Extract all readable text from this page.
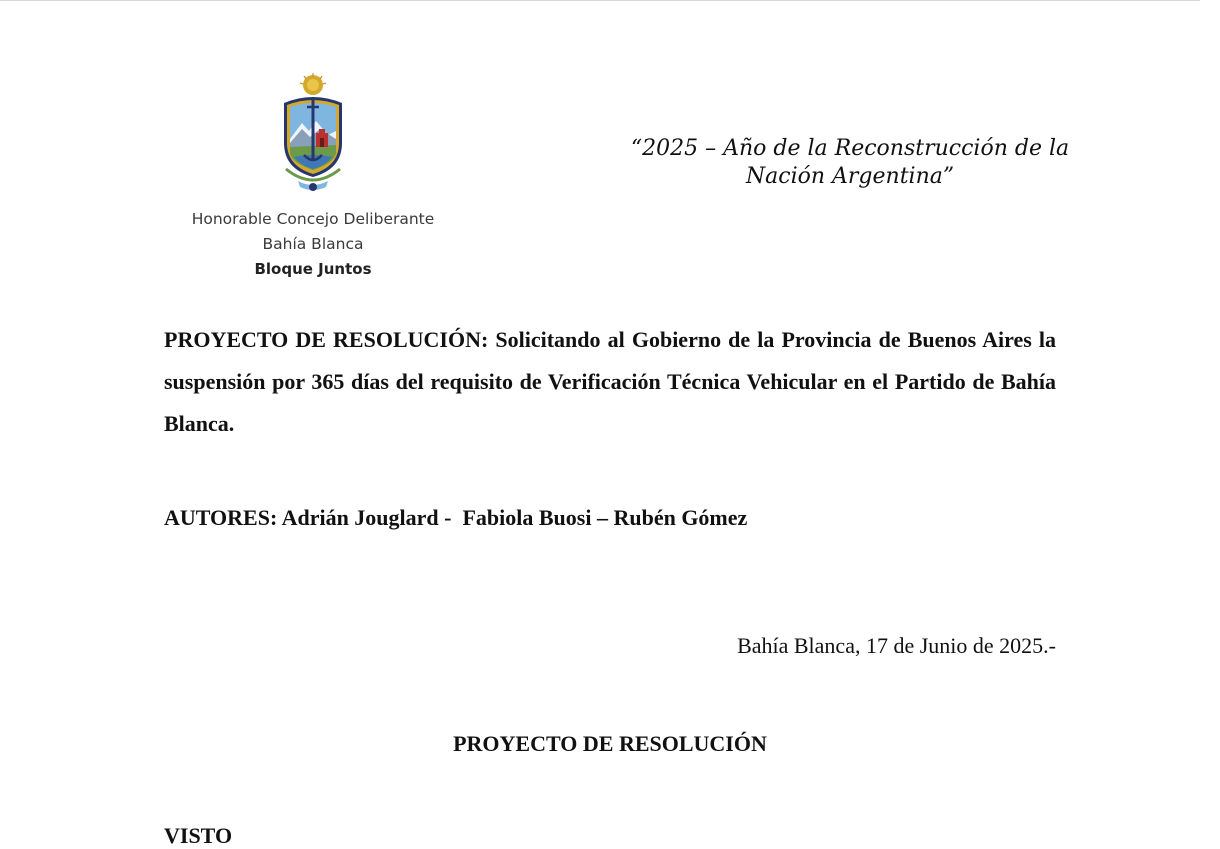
Honorable Concejo Deliberante
Bahía Blanca
Bloque Juntos
“2025 – Año de la Reconstrucción de la
Nación Argentina”

PROYECTO DE RESOLUCIÓN: Solicitando al Gobierno de la Provincia de Buenos Aires la suspensión por 365 días del requisito de Verificación Técnica Vehicular en el Partido de Bahía Blanca.

AUTORES: Adrián Jouglard -  Fabiola Buosi – Rubén Gómez

Bahía Blanca, 17 de Junio de 2025.-

PROYECTO DE RESOLUCIÓN

VISTO
